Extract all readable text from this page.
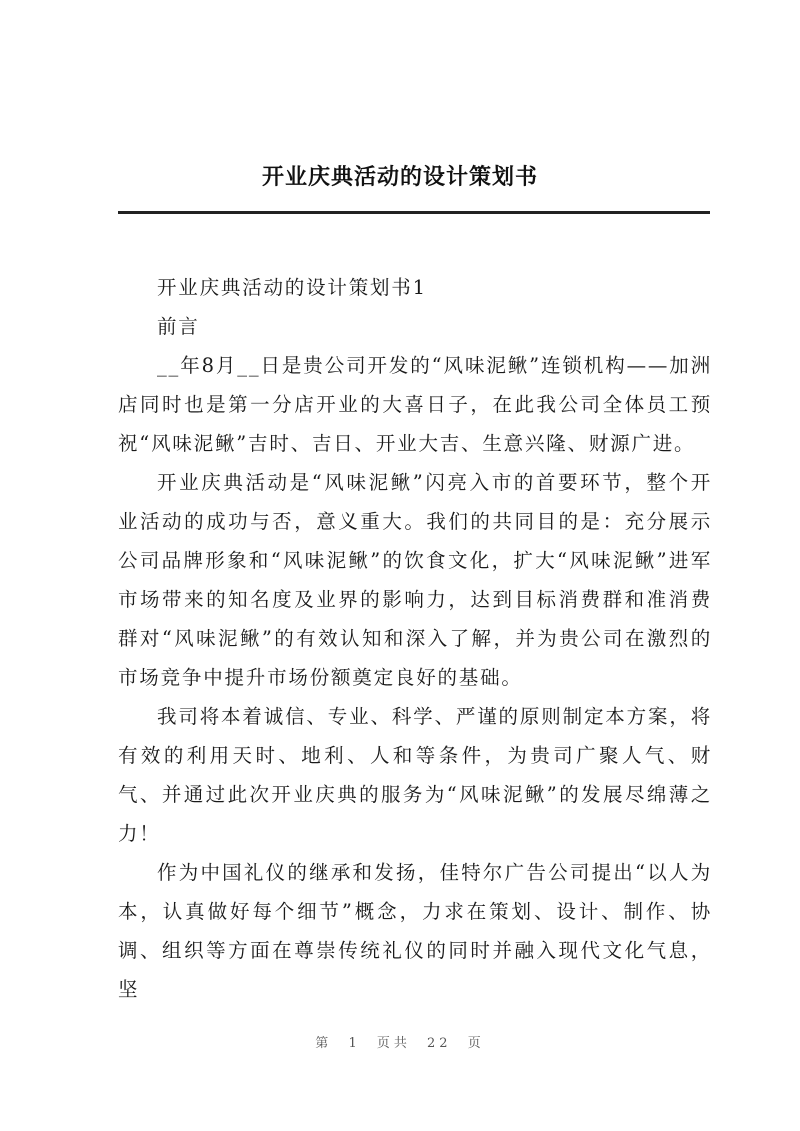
开业庆典活动的设计策划书

开业庆典活动的设计策划书1

前言

__年8月__日是贵公司开发的“风味泥鳅”连锁机构——加洲店同时也是第一分店开业的大喜日子，在此我公司全体员工预祝“风味泥鳅”吉时、吉日、开业大吉、生意兴隆、财源广进。

开业庆典活动是“风味泥鳅”闪亮入市的首要环节，整个开业活动的成功与否，意义重大。我们的共同目的是：充分展示公司品牌形象和“风味泥鳅”的饮食文化，扩大“风味泥鳅”进军市场带来的知名度及业界的影响力，达到目标消费群和准消费群对“风味泥鳅”的有效认知和深入了解，并为贵公司在激烈的市场竞争中提升市场份额奠定良好的基础。

我司将本着诚信、专业、科学、严谨的原则制定本方案，将有效的利用天时、地利、人和等条件，为贵司广聚人气、财气、并通过此次开业庆典的服务为“风味泥鳅”的发展尽绵薄之力！

作为中国礼仪的继承和发扬，佳特尔广告公司提出“以人为本，认真做好每个细节”概念，力求在策划、设计、制作、协调、组织等方面在尊崇传统礼仪的同时并融入现代文化气息，坚

第 1 页共 22 页
